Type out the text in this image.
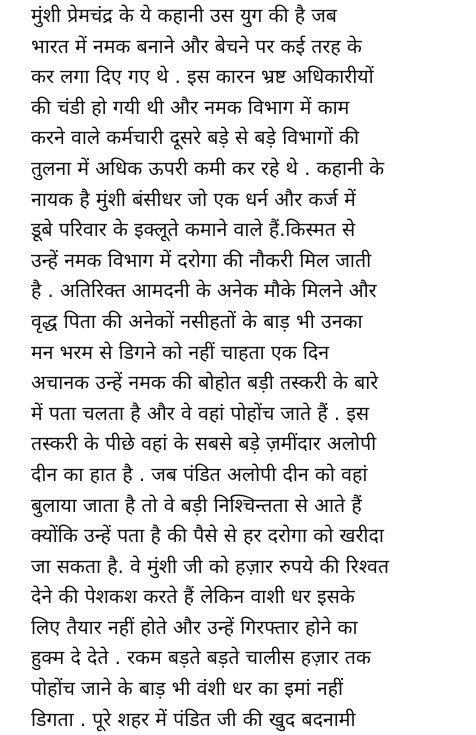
मुंशी प्रेमचंद्र के ये कहानी उस युग की है जब
भारत में नमक बनाने और बेचने पर कई तरह के
कर लगा दिए गए थे . इस कारन भ्रष्ट अधिकारीयों
की चंडी हो गयी थी और नमक विभाग में काम
करने वाले कर्मचारी दूसरे बड़े से बड़े विभागों की
तुलना में अधिक ऊपरी कमी कर रहे थे . कहानी के
नायक है मुंशी बंसीधर जो एक धर्न और कर्ज में
डूबे परिवार के इक्लूते कमाने वाले हैं.किस्मत से
उन्हें नमक विभाग में दरोगा की नौकरी मिल जाती
है . अतिरिक्त आमदनी के अनेक मौके मिलने और
वृद्ध पिता की अनेकों नसीहतों के बाड़ भी उनका
मन भरम से डिगने को नहीं चाहता एक दिन
अचानक उन्हें नमक की बोहोत बड़ी तस्करी के बारे
में पता चलता है और वे वहां पोहोंच जाते हैं . इस
तस्करी के पीछे वहां के सबसे बड़े ज़मींदार अलोपी
दीन का हात है . जब पंडित अलोपी दीन को वहां
बुलाया जाता है तो वे बड़ी निश्चिन्तता से आते हैं
क्योंकि उन्हें पता है की पैसे से हर दरोगा को खरीदा
जा सकता है. वे मुंशी जी को हज़ार रुपये की रिश्वत
देने की पेशकश करते हैं लेकिन वाशी धर इसके
लिए तैयार नहीं होते और उन्हें गिरफ्तार होने का
हुक्म दे देते . रकम बड़ते बड़ते चालीस हज़ार तक
पोहोंच जाने के बाड़ भी वंशी धर का इमां नहीं
डिगता . पूरे शहर में पंडित जी की खुद बदनामी
